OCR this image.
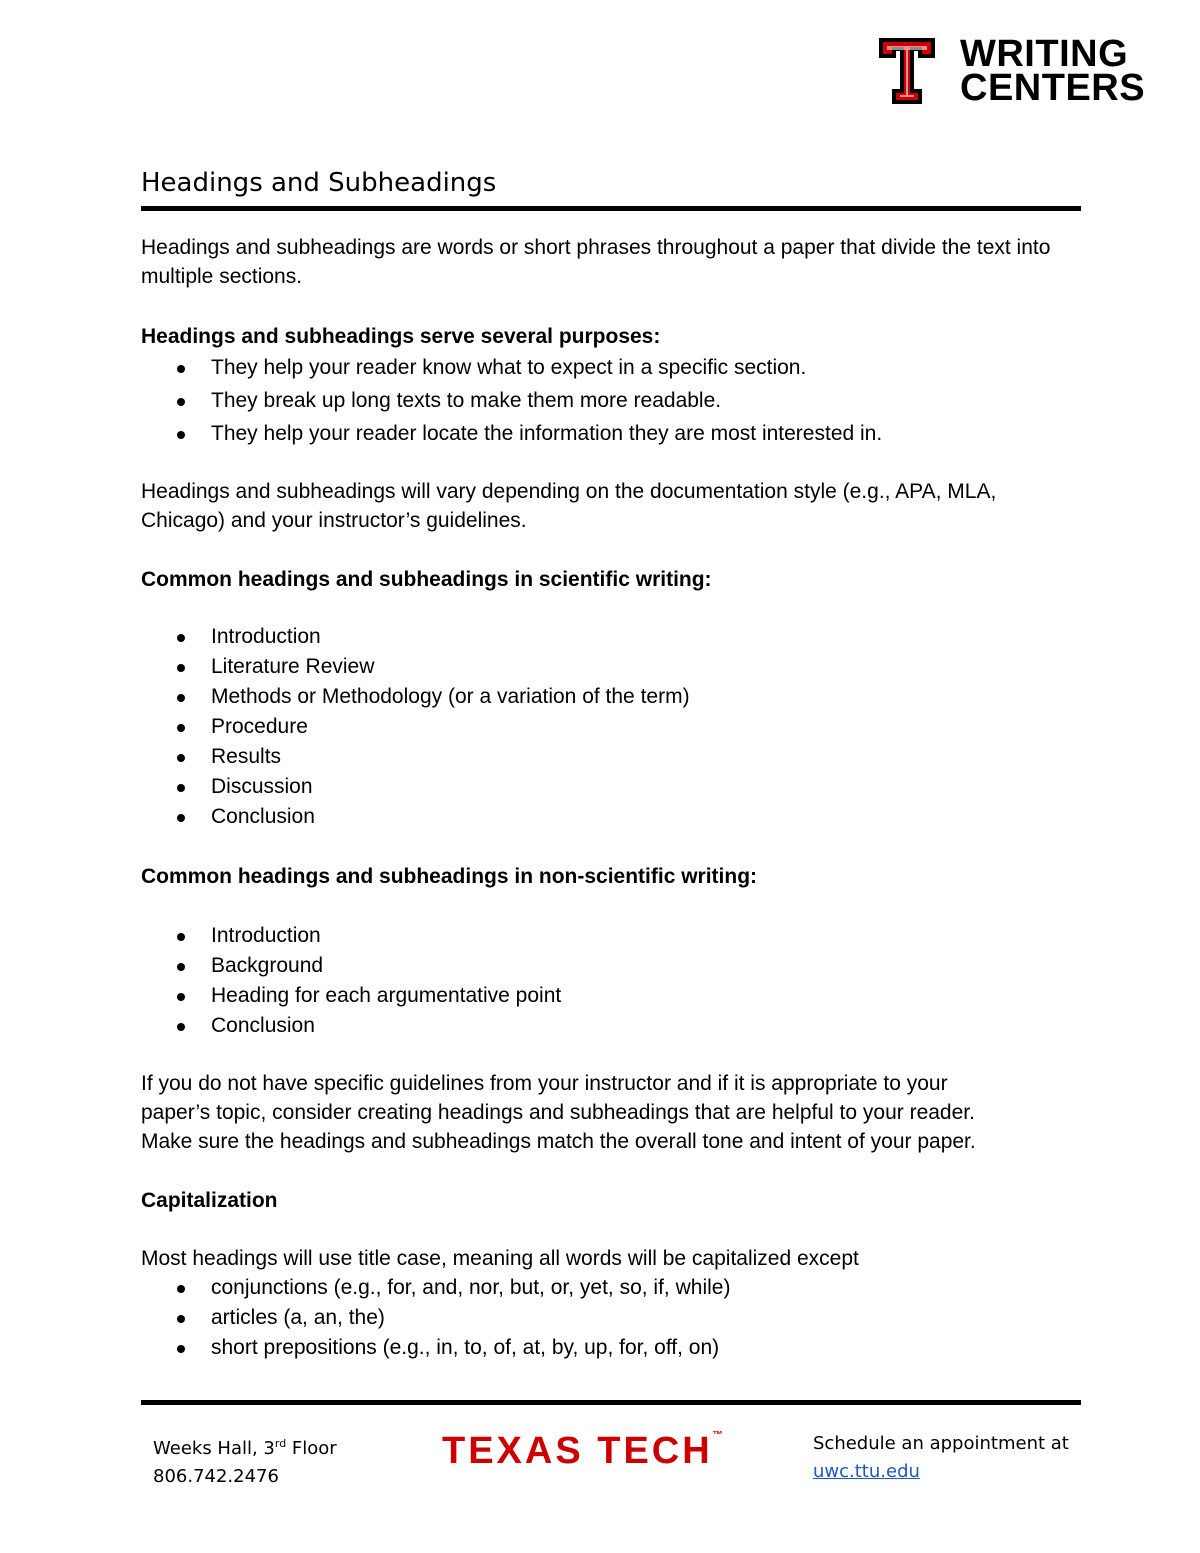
WRITING
CENTERS
Headings and Subheadings
Headings and subheadings are words or short phrases throughout a paper that divide the text into multiple sections.
Headings and subheadings serve several purposes:
They help your reader know what to expect in a specific section.
They break up long texts to make them more readable.
They help your reader locate the information they are most interested in.
Headings and subheadings will vary depending on the documentation style (e.g., APA, MLA, Chicago) and your instructor’s guidelines.
Common headings and subheadings in scientific writing:
Introduction
Literature Review
Methods or Methodology (or a variation of the term)
Procedure
Results
Discussion
Conclusion
Common headings and subheadings in non-scientific writing:
Introduction
Background
Heading for each argumentative point
Conclusion
If you do not have specific guidelines from your instructor and if it is appropriate to your paper’s topic, consider creating headings and subheadings that are helpful to your reader. Make sure the headings and subheadings match the overall tone and intent of your paper.
Capitalization
Most headings will use title case, meaning all words will be capitalized except
conjunctions (e.g., for, and, nor, but, or, yet, so, if, while)
articles (a, an, the)
short prepositions (e.g., in, to, of, at, by, up, for, off, on)
Weeks Hall, 3rd Floor
806.742.2476
TEXAS TECH™	Schedule an appointment at
uwc.ttu.edu
